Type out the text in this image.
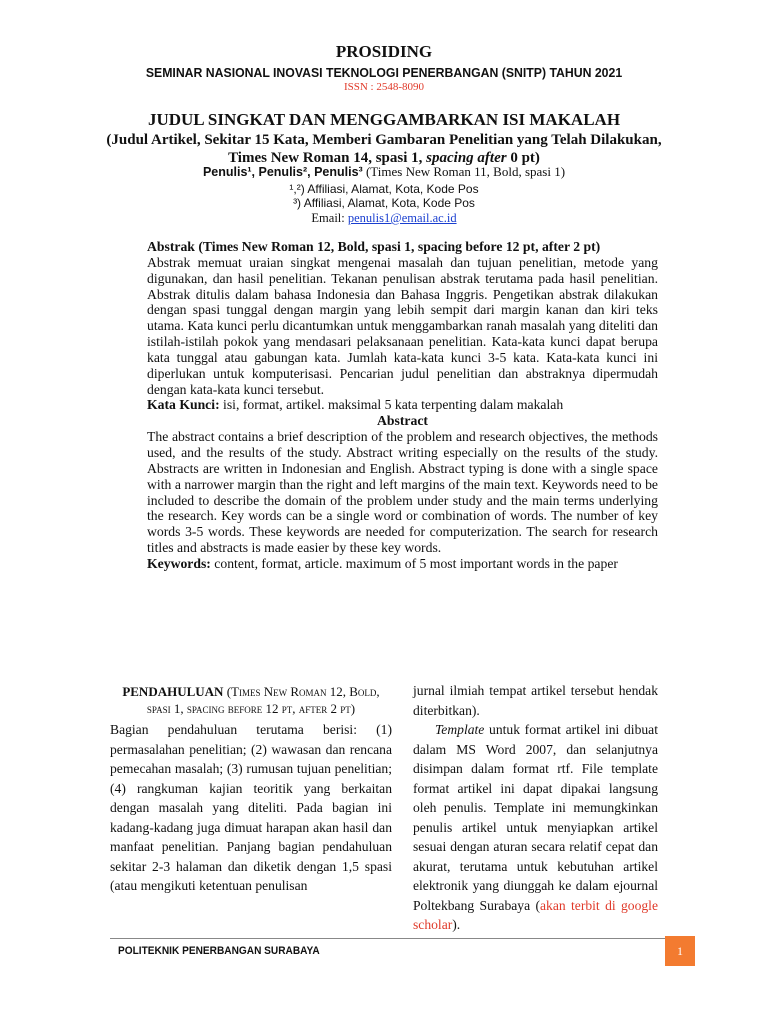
PROSIDING
SEMINAR NASIONAL INOVASI TEKNOLOGI PENERBANGAN (SNITP) TAHUN 2021
ISSN : 2548-8090
JUDUL SINGKAT DAN MENGGAMBARKAN ISI MAKALAH
(Judul Artikel, Sekitar 15 Kata, Memberi Gambaran Penelitian yang Telah Dilakukan,
Times New Roman 14, spasi 1, spacing after 0 pt)
Penulis¹, Penulis², Penulis³ (Times New Roman 11, Bold, spasi 1)
¹,²) Affiliasi, Alamat, Kota, Kode Pos
³) Affiliasi, Alamat, Kota, Kode Pos
Email: penulis1@email.ac.id

Abstrak (Times New Roman 12, Bold, spasi 1, spacing before 12 pt, after 2 pt)

Abstrak memuat uraian singkat mengenai masalah dan tujuan penelitian, metode yang digunakan, dan hasil penelitian. Tekanan penulisan abstrak terutama pada hasil penelitian. Abstrak ditulis dalam bahasa Indonesia dan Bahasa Inggris. Pengetikan abstrak dilakukan dengan spasi tunggal dengan margin yang lebih sempit dari margin kanan dan kiri teks utama. Kata kunci perlu dicantumkan untuk menggambarkan ranah masalah yang diteliti dan istilah-istilah pokok yang mendasari pelaksanaan penelitian. Kata-kata kunci dapat berupa kata tunggal atau gabungan kata. Jumlah kata-kata kunci 3-5 kata. Kata-kata kunci ini diperlukan untuk komputerisasi. Pencarian judul penelitian dan abstraknya dipermudah dengan kata-kata kunci tersebut.

Kata Kunci: isi, format, artikel. maksimal 5 kata terpenting dalam makalah

Abstract

The abstract contains a brief description of the problem and research objectives, the methods used, and the results of the study. Abstract writing especially on the results of the study. Abstracts are written in Indonesian and English. Abstract typing is done with a single space with a narrower margin than the right and left margins of the main text. Keywords need to be included to describe the domain of the problem under study and the main terms underlying the research. Key words can be a single word or combination of words. The number of key words 3-5 words. These keywords are needed for computerization. The search for research titles and abstracts is made easier by these key words.

Keywords: content, format, article. maximum of 5 most important words in the paper

PENDAHULUAN (Times New Roman 12, Bold, spasi 1, spacing before 12 pt, after 2 pt)

Bagian pendahuluan terutama berisi: (1) permasalahan penelitian; (2) wawasan dan rencana pemecahan masalah; (3) rumusan tujuan penelitian; (4) rangkuman kajian teoritik yang berkaitan dengan masalah yang diteliti. Pada bagian ini kadang-kadang juga dimuat harapan akan hasil dan manfaat penelitian. Panjang bagian pendahuluan sekitar 2-3 halaman dan diketik dengan 1,5 spasi (atau mengikuti ketentuan penulisan

jurnal ilmiah tempat artikel tersebut hendak diterbitkan).

Template untuk format artikel ini dibuat dalam MS Word 2007, dan selanjutnya disimpan dalam format rtf. File template format artikel ini dapat dipakai langsung oleh penulis. Template ini memungkinkan penulis artikel untuk menyiapkan artikel sesuai dengan aturan secara relatif cepat dan akurat, terutama untuk kebutuhan artikel elektronik yang diunggah ke dalam ejournal Poltekbang Surabaya (akan terbit di google scholar).

POLITEKNIK PENERBANGAN SURABAYA	1
